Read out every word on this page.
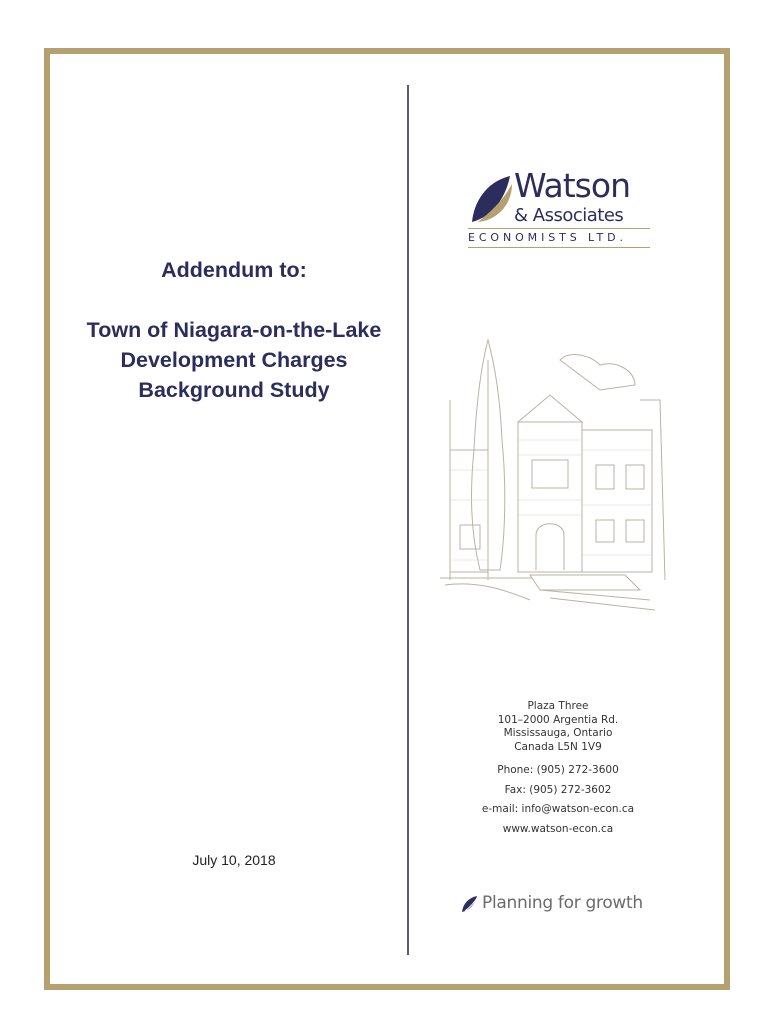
Addendum to:
Town of Niagara-on-the-Lake
Development Charges
Background Study
July 10, 2018
Watson
& Associates
ECONOMISTS LTD.
Plaza Three
101–2000 Argentia Rd.
Mississauga, Ontario
Canada L5N 1V9
Phone: (905) 272-3600
Fax: (905) 272-3602
e-mail: info@watson-econ.ca
www.watson-econ.ca
Planning for growth
